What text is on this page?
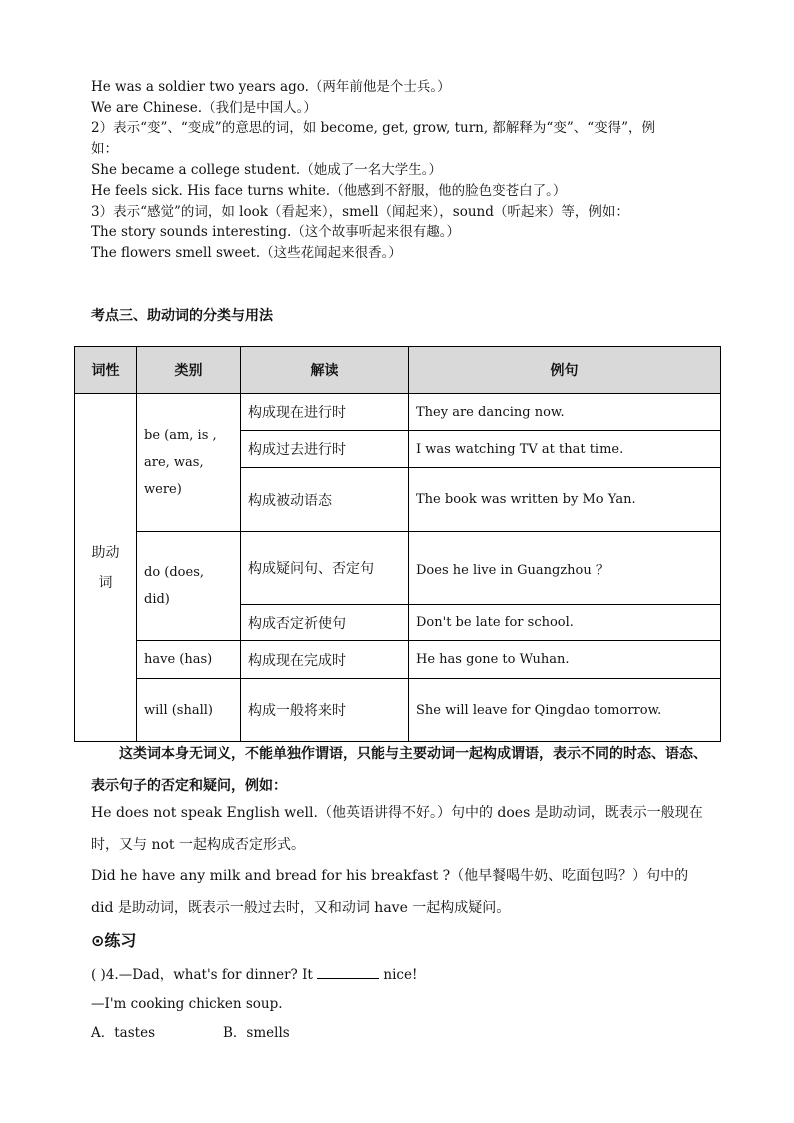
He was a soldier two years ago.（两年前他是个士兵。）
We are Chinese.（我们是中国人。）
2）表示“变”、“变成”的意思的词，如 become, get, grow, turn, 都解释为“变”、“变得”，例
如：
She became a college student.（她成了一名大学生。）
He feels sick. His face turns white.（他感到不舒服，他的脸色变苍白了。）
3）表示“感觉”的词，如 look（看起来），smell（闻起来），sound（听起来）等，例如：
The story sounds interesting.（这个故事听起来很有趣。）
The flowers smell sweet.（这些花闻起来很香。）
考点三、助动词的分类与用法
词性	类别	解读	例句

助动词	be (am, is , are, was, were)	构成现在进行时	They are dancing now.
		构成过去进行时	I was watching TV at that time.
		构成被动语态	The book was written by Mo Yan.
	do (does, did)	构成疑问句、否定句	Does he live in Guangzhou ？
		构成否定祈使句	Don't be late for school.
	have (has)	构成现在完成时	He has gone to Wuhan.
	will (shall)	构成一般将来时	She will leave for Qingdao tomorrow.
这类词本身无词义，不能单独作谓语，只能与主要动词一起构成谓语，表示不同的时态、语态、表示句子的否定和疑问，例如：
He does not speak English well.（他英语讲得不好。）句中的 does 是助动词，既表示一般现在时，又与 not 一起构成否定形式。
Did he have any milk and bread for his breakfast ?（他早餐喝牛奶、吃面包吗？）句中的 did 是助动词，既表示一般过去时，又和动词 have 一起构成疑问。
⊙练习
( )4.—Dad，what's for dinner? It	nice!
—I'm cooking chicken soup.
A．tastes	B．smells
